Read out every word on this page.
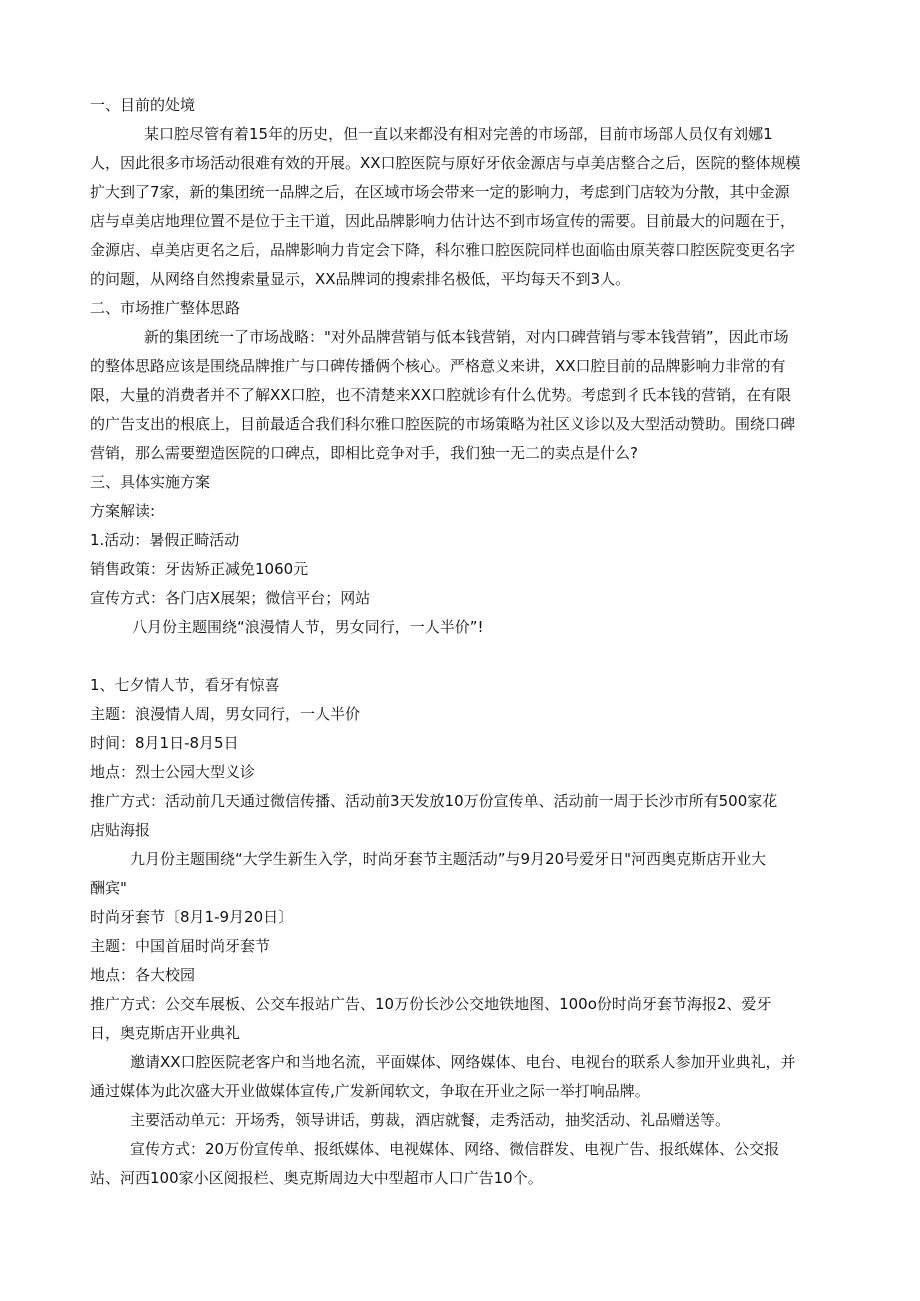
一、目前的处境
某口腔尽管有着15年的历史，但一直以来都没有相对完善的市场部，目前市场部人员仅有刘娜1
人，因此很多市场活动很难有效的开展。XX口腔医院与原好牙依金源店与卓美店整合之后，医院的整体规模
扩大到了7家，新的集团统一品牌之后，在区域市场会带来一定的影响力，考虑到门店较为分散，其中金源
店与卓美店地理位置不是位于主干道，因此品牌影响力估计达不到市场宣传的需要。目前最大的问题在于，
金源店、卓美店更名之后，品牌影响力肯定会下降，科尔雅口腔医院同样也面临由原芙蓉口腔医院变更名字
的问题，从网络自然搜索量显示，XX品牌词的搜索排名极低，平均每天不到3人。
二、市场推广整体思路
新的集团统一了市场战略："对外品牌营销与低本钱营销，对内口碑营销与零本钱营销”，因此市场
的整体思路应该是围绕品牌推广与口碑传播俩个核心。严格意义来讲，XX口腔目前的品牌影响力非常的有
限，大量的消费者并不了解XX口腔，也不清楚来XX口腔就诊有什么优势。考虑到彳氏本钱的营销，在有限
的广告支出的根底上，目前最适合我们科尔雅口腔医院的市场策略为社区义诊以及大型活动赞助。围绕口碑
营销，那么需要塑造医院的口碑点，即相比竞争对手，我们独一无二的卖点是什么?
三、具体实施方案
方案解读:
1.活动：暑假正畸活动
销售政策：牙齿矫正减免1060元
宣传方式：各门店X展架；微信平台；网站
八月份主题围绕“浪漫情人节，男女同行，一人半价”!
1、七夕情人节，看牙有惊喜
主题：浪漫情人周，男女同行，一人半价
时间：8月1日-8月5日
地点：烈士公园大型义诊
推广方式：活动前几天通过微信传播、活动前3天发放10万份宣传单、活动前一周于长沙市所有500家花
店贴海报
九月份主题围绕“大学生新生入学，时尚牙套节主题活动”与9月20号爱牙日"河西奥克斯店开业大
酬宾"
时尚牙套节〔8月1-9月20日〕
主题：中国首届时尚牙套节
地点：各大校园
推广方式：公交车展板、公交车报站广告、10万份长沙公交地铁地图、100o份时尚牙套节海报2、爱牙
日，奥克斯店开业典礼
邀请XX口腔医院老客户和当地名流，平面媒体、网络媒体、电台、电视台的联系人参加开业典礼，并
通过媒体为此次盛大开业做媒体宣传,广发新闻软文，争取在开业之际一举打响品牌。
主要活动单元：开场秀，领导讲话，剪裁，酒店就餐，走秀活动，抽奖活动、礼品赠送等。
宣传方式：20万份宣传单、报纸媒体、电视媒体、网络、微信群发、电视广告、报纸媒体、公交报
站、河西100家小区阅报栏、奥克斯周边大中型超市人口广告10个。
